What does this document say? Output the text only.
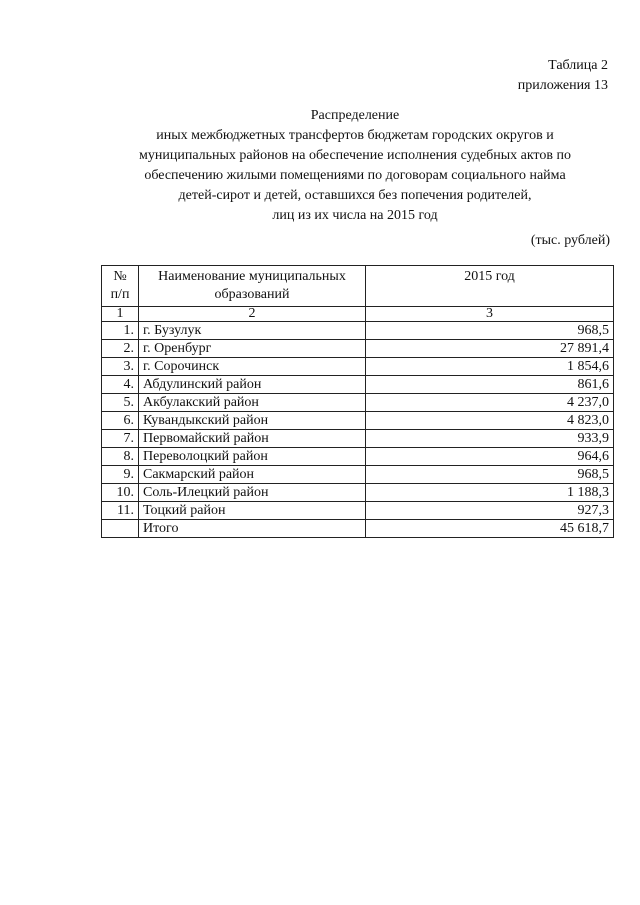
Таблица 2
приложения 13
Распределение
иных межбюджетных трансфертов бюджетам городских округов и
муниципальных районов на обеспечение исполнения судебных актов по
обеспечению жилыми помещениями по договорам социального найма
детей-сирот и детей, оставшихся без попечения родителей,
лиц из их числа на 2015 год
(тыс. рублей)
№ п/п	Наименование муниципальных образований	2015 год
1	2	3
1.	г. Бузулук	968,5
2.	г. Оренбург	27 891,4
3.	г. Сорочинск	1 854,6
4.	Абдулинский район	861,6
5.	Акбулакский район	4 237,0
6.	Кувандыкский район	4 823,0
7.	Первомайский район	933,9
8.	Переволоцкий район	964,6
9.	Сакмарский район	968,5
10.	Соль-Илецкий район	1 188,3
11.	Тоцкий район	927,3
	Итого	45 618,7
